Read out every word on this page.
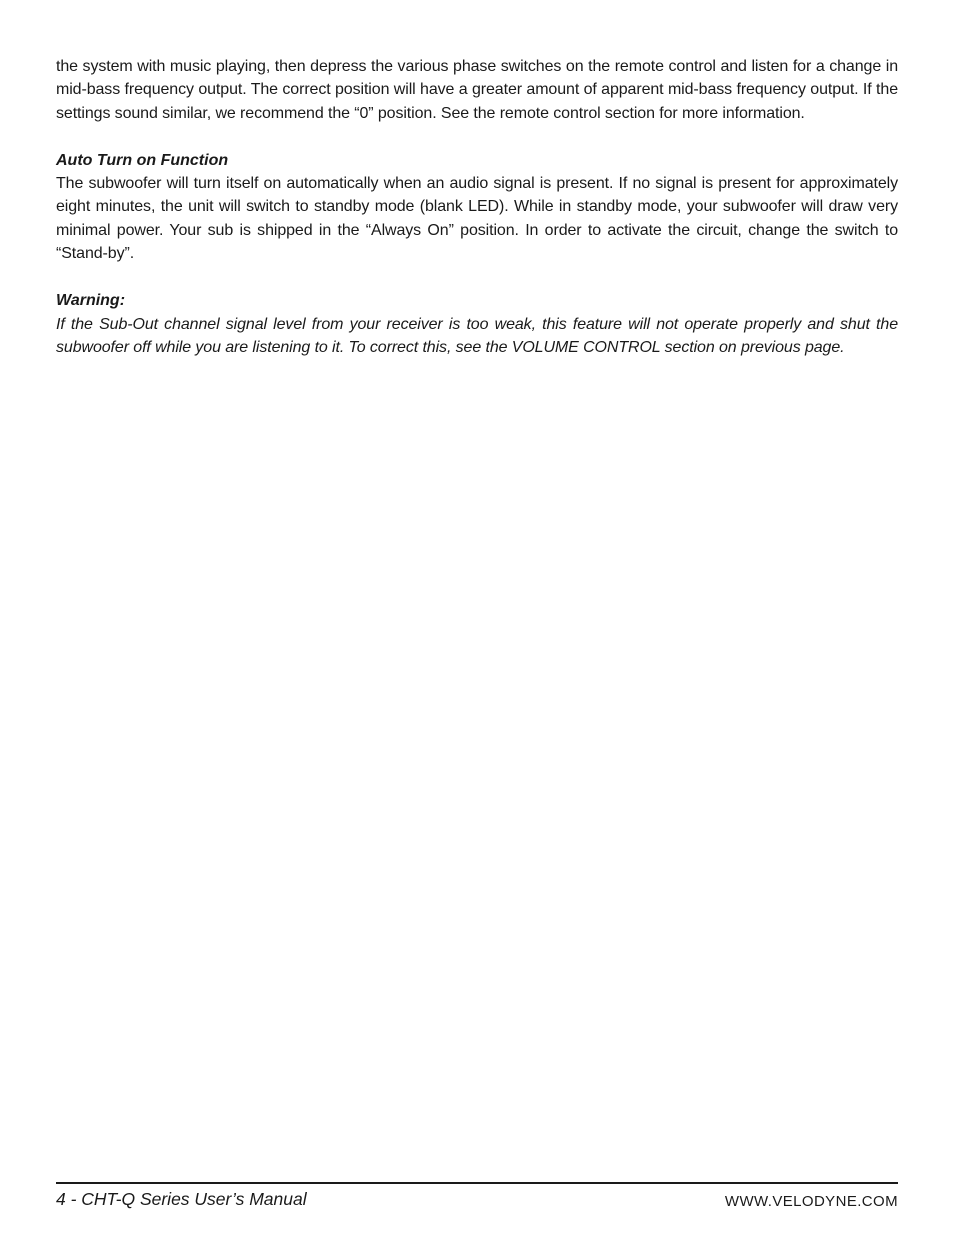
the system with music playing, then depress the various phase switches on the remote control and listen for a change in mid-bass frequency output. The correct position will have a greater amount of apparent mid-bass frequency output. If the settings sound similar, we recommend the “0” position. See the remote control section for more information.

Auto Turn on Function

The subwoofer will turn itself on automatically when an audio signal is present. If no signal is present for approximately eight minutes, the unit will switch to standby mode (blank LED). While in standby mode, your subwoofer will draw very minimal power. Your sub is shipped in the “Always On” position. In order to activate the circuit, change the switch to “Stand-by”.

Warning:

If the Sub-Out channel signal level from your receiver is too weak, this feature will not operate properly and shut the subwoofer off while you are listening to it. To correct this, see the VOLUME CONTROL section on previous page.

4 - CHT-Q Series User’s Manual	WWW.VELODYNE.COM
